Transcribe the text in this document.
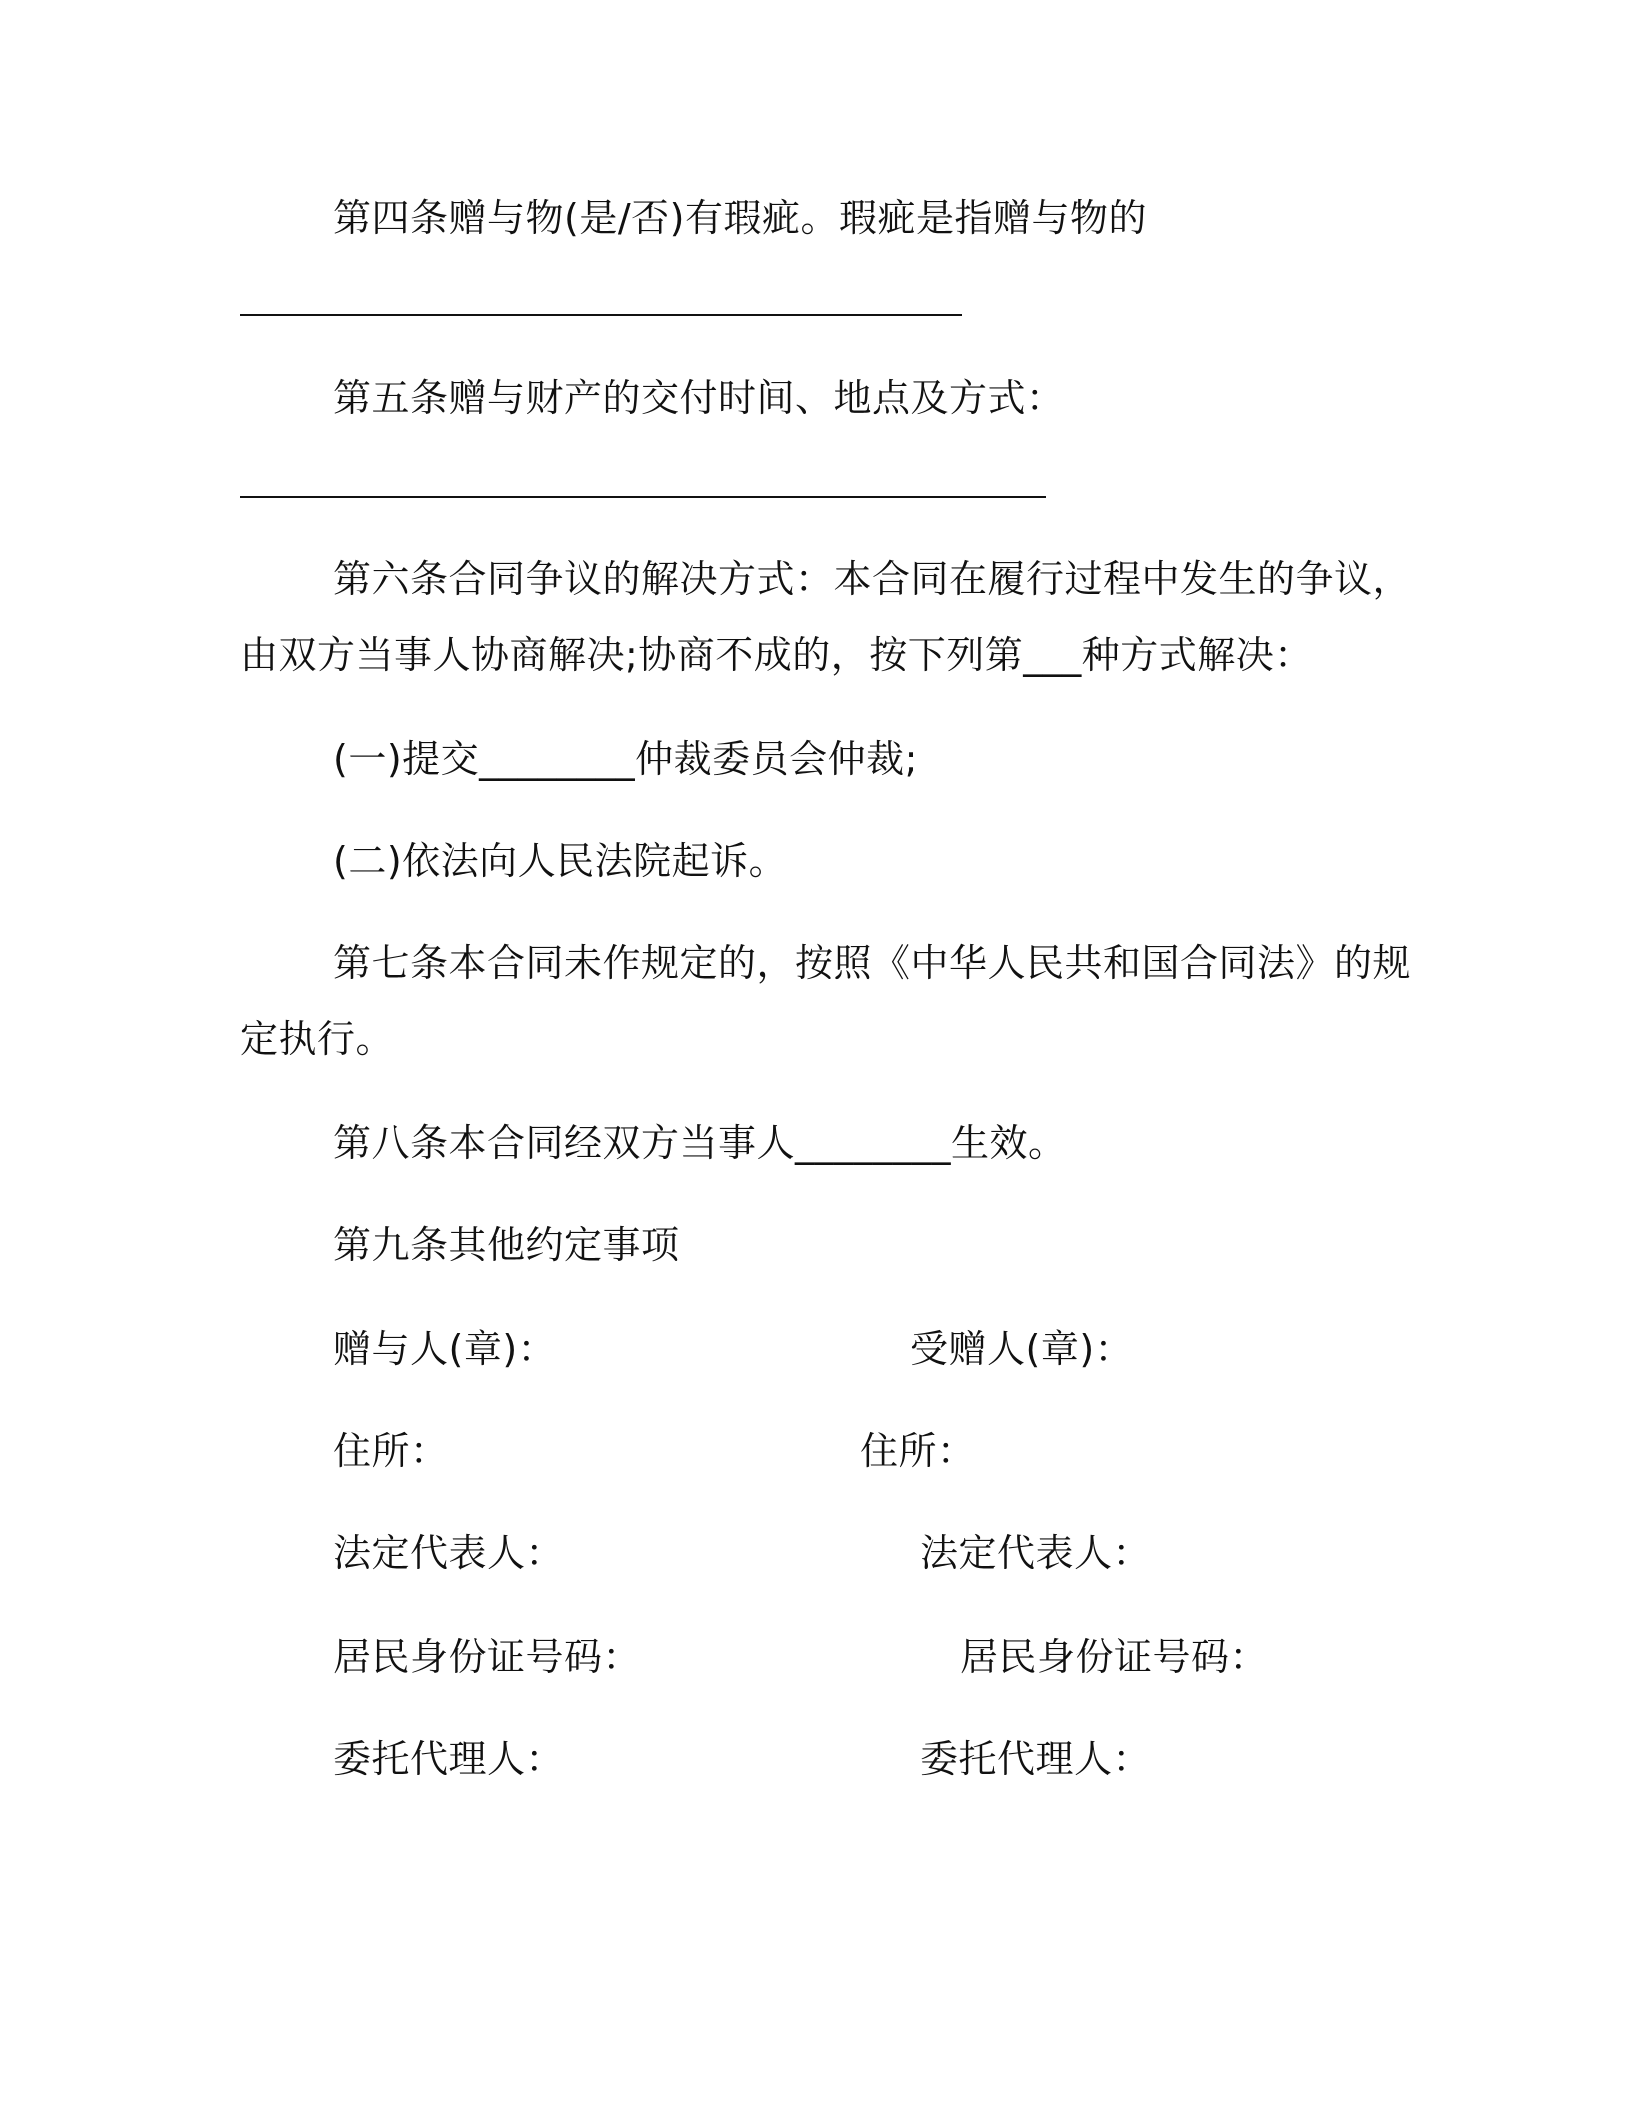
第四条赠与物(是/否)有瑕疵。瑕疵是指赠与物的
第五条赠与财产的交付时间、地点及方式：
第六条合同争议的解决方式：本合同在履行过程中发生的争议，
由双方当事人协商解决;协商不成的，按下列第___种方式解决：
(一)提交________仲裁委员会仲裁;
(二)依法向人民法院起诉。
第七条本合同未作规定的，按照《中华人民共和国合同法》的规
定执行。
第八条本合同经双方当事人________生效。
第九条其他约定事项
赠与人(章)：	受赠人(章)：
住所：	住所：
法定代表人：	法定代表人：
居民身份证号码：	居民身份证号码：
委托代理人：	委托代理人：
